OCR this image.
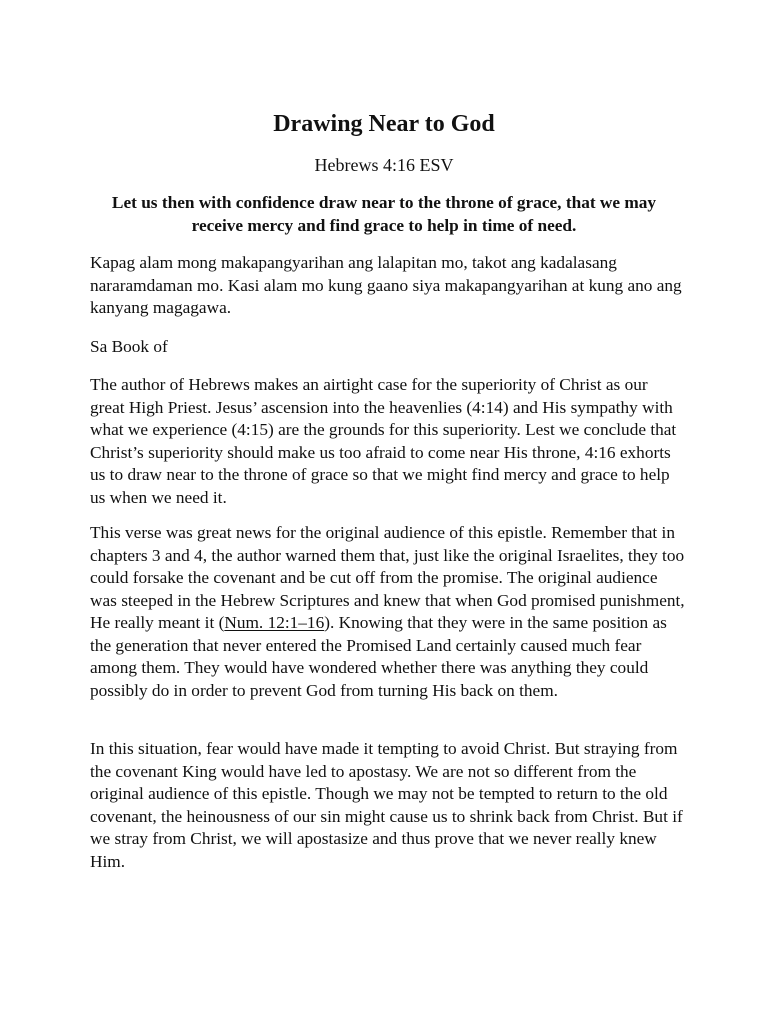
Drawing Near to God
Hebrews 4:16 ESV
Let us then with confidence draw near to the throne of grace, that we may receive mercy and find grace to help in time of need.
Kapag alam mong makapangyarihan ang lalapitan mo, takot ang kadalasang nararamdaman mo. Kasi alam mo kung gaano siya makapangyarihan at kung ano ang kanyang magagawa.
Sa Book of
The author of Hebrews makes an airtight case for the superiority of Christ as our great High Priest. Jesus’ ascension into the heavenlies (4:14) and His sympathy with what we experience (4:15) are the grounds for this superiority. Lest we conclude that Christ’s superiority should make us too afraid to come near His throne, 4:16 exhorts us to draw near to the throne of grace so that we might find mercy and grace to help us when we need it.
This verse was great news for the original audience of this epistle. Remember that in chapters 3 and 4, the author warned them that, just like the original Israelites, they too could forsake the covenant and be cut off from the promise. The original audience was steeped in the Hebrew Scriptures and knew that when God promised punishment, He really meant it (Num. 12:1–16). Knowing that they were in the same position as the generation that never entered the Promised Land certainly caused much fear among them. They would have wondered whether there was anything they could possibly do in order to prevent God from turning His back on them.
In this situation, fear would have made it tempting to avoid Christ. But straying from the covenant King would have led to apostasy. We are not so different from the original audience of this epistle. Though we may not be tempted to return to the old covenant, the heinousness of our sin might cause us to shrink back from Christ. But if we stray from Christ, we will apostasize and thus prove that we never really knew Him.
